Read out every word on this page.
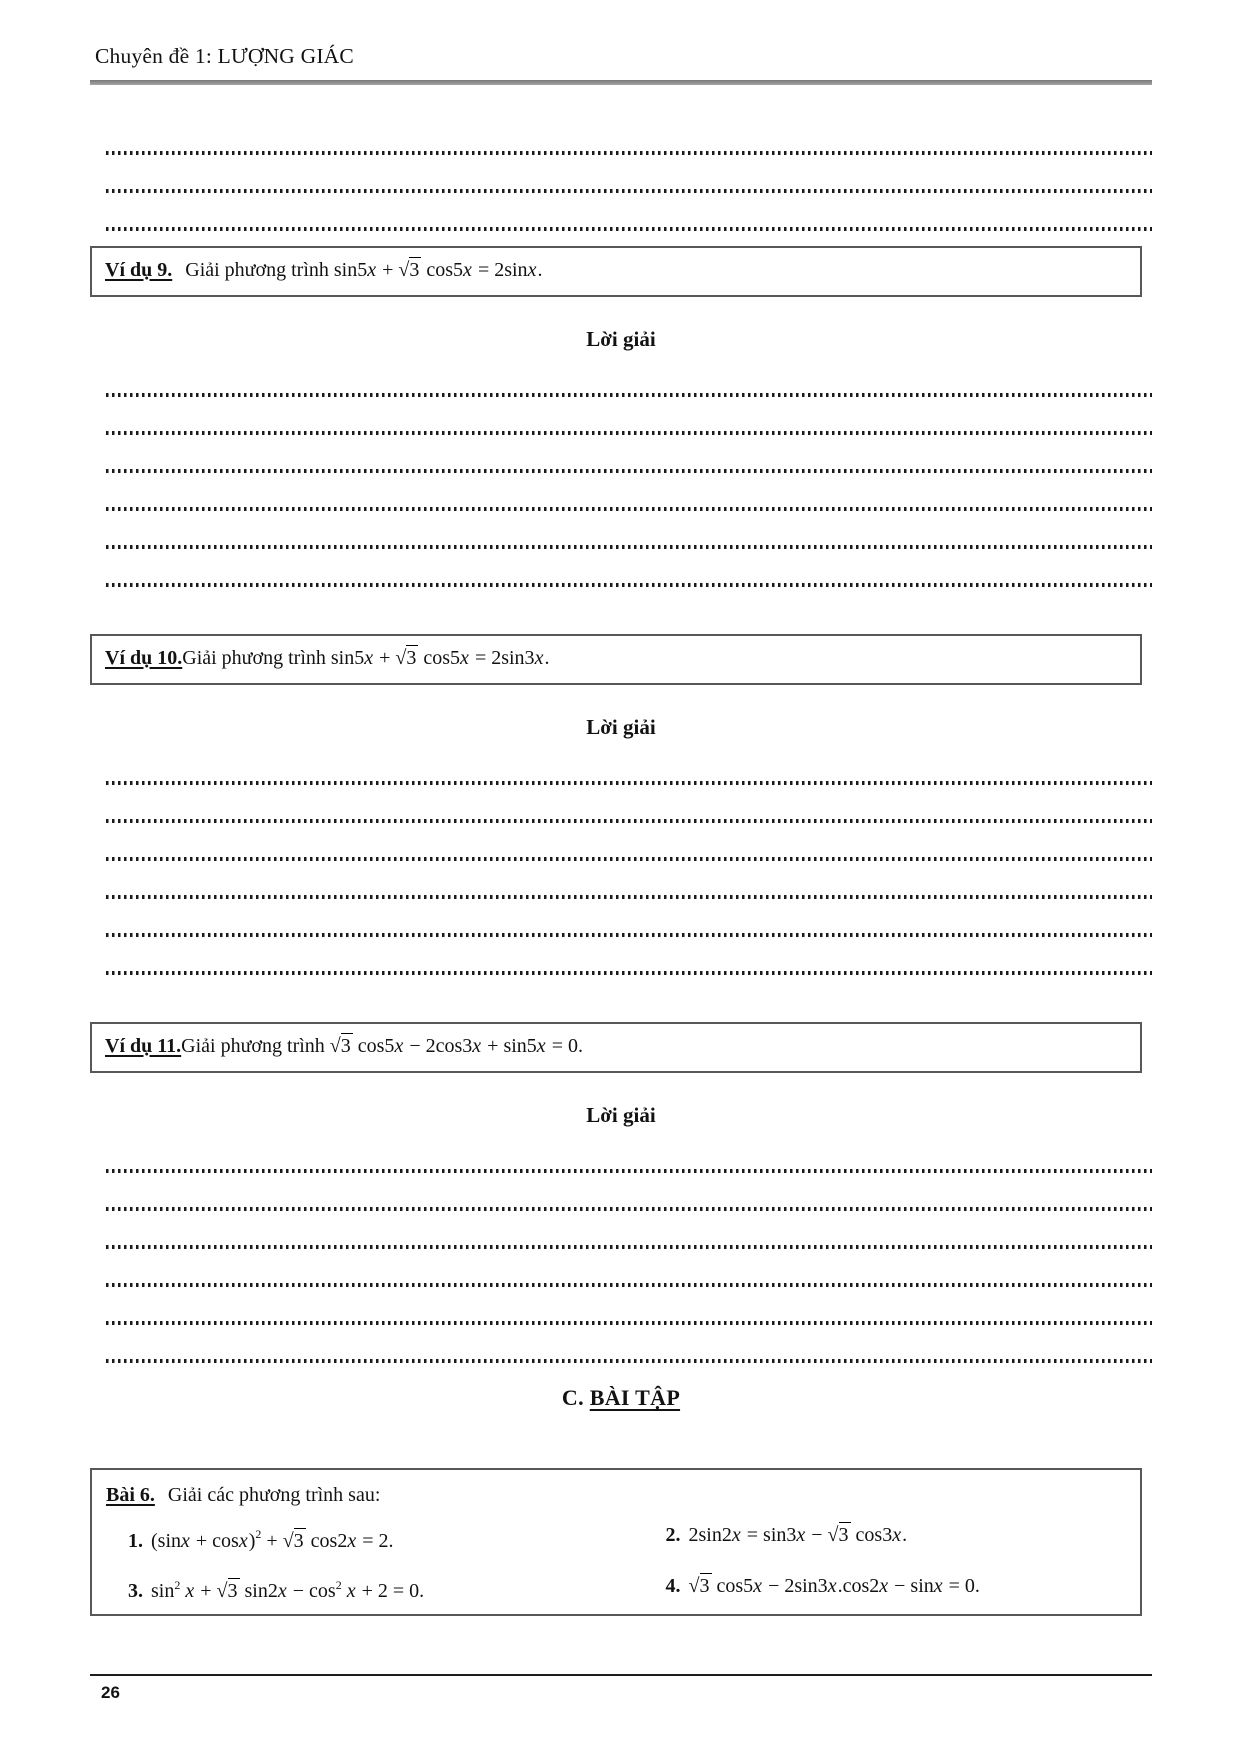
Chuyên đề 1: LƯỢNG GIÁC
Ví dụ 9. Giải phương trình sin5x + √3 cos5x = 2sinx.
Lời giải
Ví dụ 10.Giải phương trình sin5x + √3 cos5x = 2sin3x.
Lời giải
Ví dụ 11.Giải phương trình √3 cos5x − 2cos3x + sin5x = 0.
Lời giải
C. BÀI TẬP
Bài 6. Giải các phương trình sau:
1. $(\sin x + \cos x)^2 + √3$ cos2x = 2.	2. 2sin2x = sin3x − √3 cos3x.
3. $\sin^2 x + √3$ $\sin 2x - \cos^2 x + 2 = 0$.	4. √3 cos5x − 2sin3x.cos2x − sinx = 0.
26
